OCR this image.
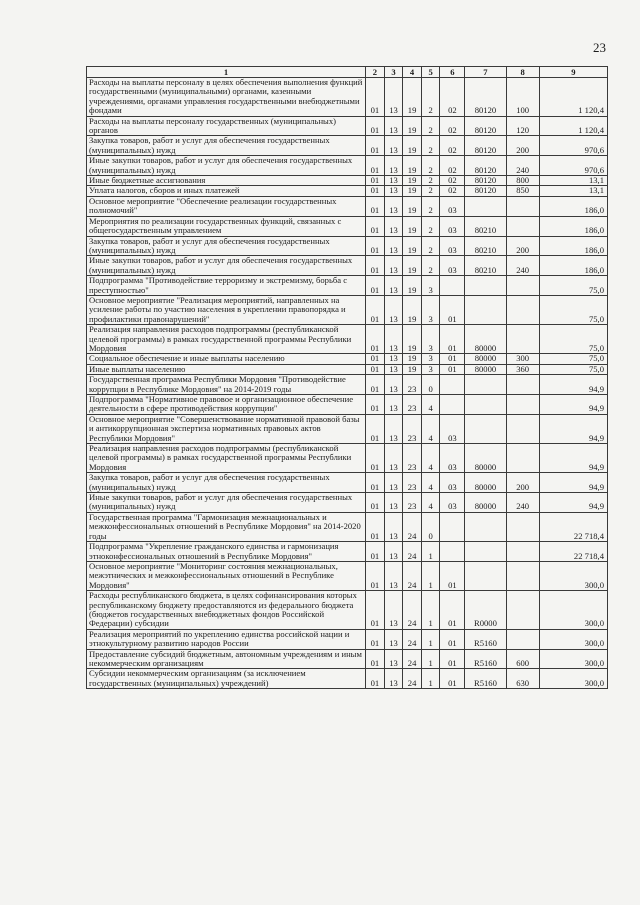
23
1	2	3	4	5	6	7	8	9
Расходы на выплаты персоналу в целях обеспечения выполнения функций государственными (муниципальными) органами, казенными учреждениями, органами управления государственными внебюджетными фондами	01	13	19	2	02	80120	100	1 120,4
Расходы на выплаты персоналу государственных (муниципальных) органов	01	13	19	2	02	80120	120	1 120,4
Закупка товаров, работ и услуг для обеспечения государственных (муниципальных) нужд	01	13	19	2	02	80120	200	970,6
Иные закупки товаров, работ и услуг для обеспечения государственных (муниципальных) нужд	01	13	19	2	02	80120	240	970,6
Иные бюджетные ассигнования	01	13	19	2	02	80120	800	13,1
Уплата налогов, сборов и иных платежей	01	13	19	2	02	80120	850	13,1
Основное мероприятие "Обеспечение реализации государственных полномочий"	01	13	19	2	03			186,0
Мероприятия по реализации государственных функций, связанных с общегосударственным управлением	01	13	19	2	03	80210		186,0
Закупка товаров, работ и услуг для обеспечения государственных (муниципальных) нужд	01	13	19	2	03	80210	200	186,0
Иные закупки товаров, работ и услуг для обеспечения государственных (муниципальных) нужд	01	13	19	2	03	80210	240	186,0
Подпрограмма "Противодействие терроризму и экстремизму, борьба с преступностью"	01	13	19	3				75,0
Основное мероприятие "Реализация мероприятий, направленных на усиление работы по участию населения в укреплении правопорядка и профилактики правонарушений"	01	13	19	3	01			75,0
Реализация направления расходов подпрограммы (республиканской целевой программы) в рамках государственной программы Республики Мордовия	01	13	19	3	01	80000		75,0
Социальное обеспечение и иные выплаты населению	01	13	19	3	01	80000	300	75,0
Иные выплаты населению	01	13	19	3	01	80000	360	75,0
Государственная программа Республики Мордовия "Противодействие коррупции в Республике Мордовия" на 2014-2019 годы	01	13	23	0				94,9
Подпрограмма "Нормативное правовое и организационное обеспечение деятельности в сфере противодействия коррупции"	01	13	23	4				94,9
Основное мероприятие "Совершенствование нормативной правовой базы и антикоррупционная экспертиза нормативных правовых актов Республики Мордовия"	01	13	23	4	03			94,9
Реализация направления расходов подпрограммы (республиканской целевой программы) в рамках государственной программы Республики Мордовия	01	13	23	4	03	80000		94,9
Закупка товаров, работ и услуг для обеспечения государственных (муниципальных) нужд	01	13	23	4	03	80000	200	94,9
Иные закупки товаров, работ и услуг для обеспечения государственных (муниципальных) нужд	01	13	23	4	03	80000	240	94,9
Государственная программа "Гармонизация межнациональных и межконфессиональных отношений в Республике Мордовия" на 2014-2020 годы	01	13	24	0				22 718,4
Подпрограмма "Укрепление гражданского единства и гармонизация этноконфессиональных отношений в Республике Мордовия"	01	13	24	1				22 718,4
Основное мероприятие "Мониторинг состояния межнациональных, межэтнических и межконфессиональных отношений в Республике Мордовия"	01	13	24	1	01			300,0
Расходы республиканского бюджета, в целях софинансирования которых республиканскому бюджету предоставляются из федерального бюджета (бюджетов государственных внебюджетных фондов Российской Федерации) субсидии	01	13	24	1	01	R0000		300,0
Реализация мероприятий по укреплению единства российской нации и этнокультурному развитию народов России	01	13	24	1	01	R5160		300,0
Предоставление субсидий бюджетным, автономным учреждениям и иным некоммерческим организациям	01	13	24	1	01	R5160	600	300,0
Субсидии некоммерческим организациям (за исключением государственных (муниципальных) учреждений)	01	13	24	1	01	R5160	630	300,0
